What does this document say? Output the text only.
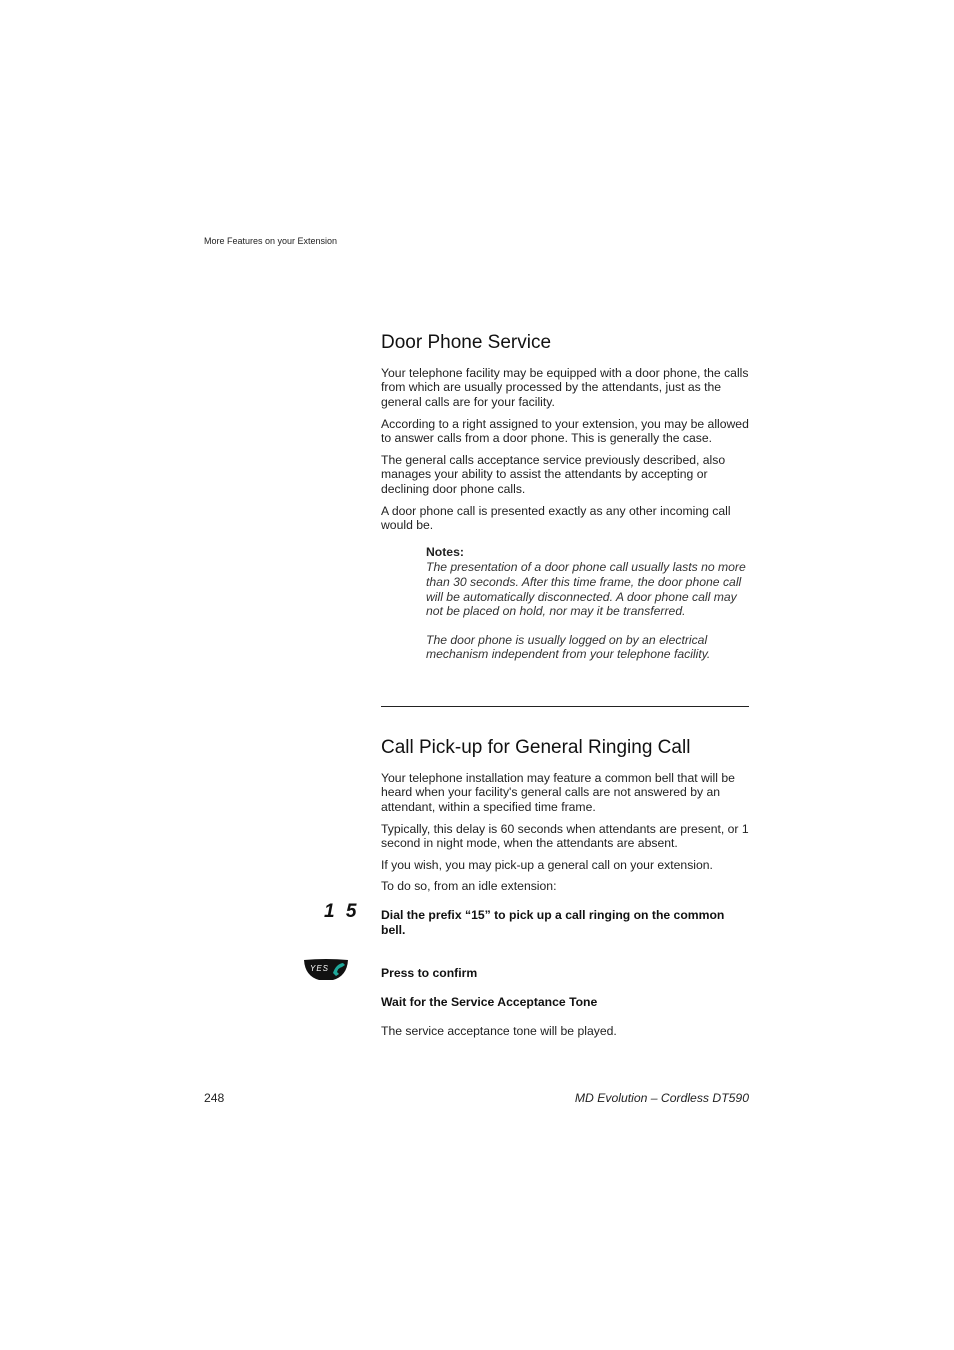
More Features on your Extension
Door Phone Service

Your telephone facility may be equipped with a door phone, the calls from which are usually processed by the attendants, just as the general calls are for your facility.

According to a right assigned to your extension, you may be allowed to answer calls from a door phone. This is generally the case.

The general calls acceptance service previously described, also manages your ability to assist the attendants by accepting or declining door phone calls.

A door phone call is presented exactly as any other incoming call would be.

Notes:

The presentation of a door phone call usually lasts no more than 30 seconds. After this time frame, the door phone call will be automatically disconnected. A door phone call may not be placed on hold, nor may it be transferred.

The door phone is usually logged on by an electrical mechanism independent from your telephone facility.

Call Pick-up for General Ringing Call

Your telephone installation may feature a common bell that will be heard when your facility's general calls are not answered by an attendant, within a specified time frame.

Typically, this delay is 60 seconds when attendants are present, or 1 second in night mode, when the attendants are absent.

If you wish, you may pick-up a general call on your extension.

To do so, from an idle extension:

1 5 Dial the prefix “15” to pick up a call ringing on the common bell.
YES	Press to confirm
Wait for the Service Acceptance Tone
The service acceptance tone will be played.
248	MD Evolution – Cordless DT590
